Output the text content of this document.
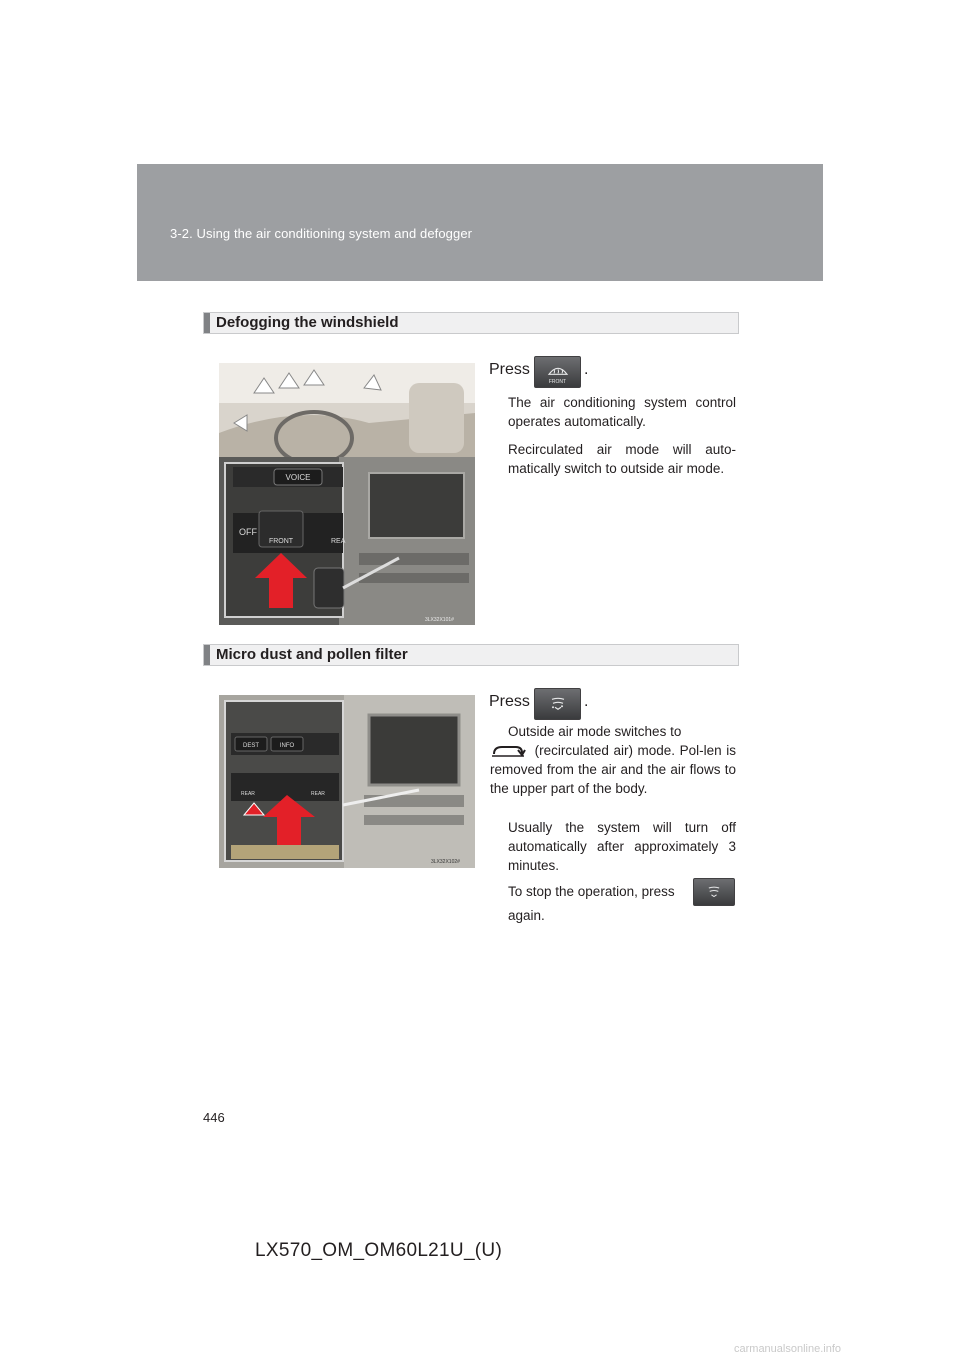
3-2. Using the air conditioning system and defogger
Defogging the windshield
VOICE
OFF
FRONT	REA
3LX32X101#
Press
FRONT
.
The air conditioning system control operates automatically.
Recirculated air mode will auto-matically switch to outside air mode.
Micro dust and pollen filter
DEST	INFO
REAR	REAR
3LX32X102#
Press	.
Outside air mode switches to
(recirculated air) mode. Pol-len is removed from the air and the air flows to the upper part of the body.
Usually the system will turn off automatically after approximately 3 minutes.
To stop the operation, press
again.
446
LX570_OM_OM60L21U_(U)
carmanualsonline.info
